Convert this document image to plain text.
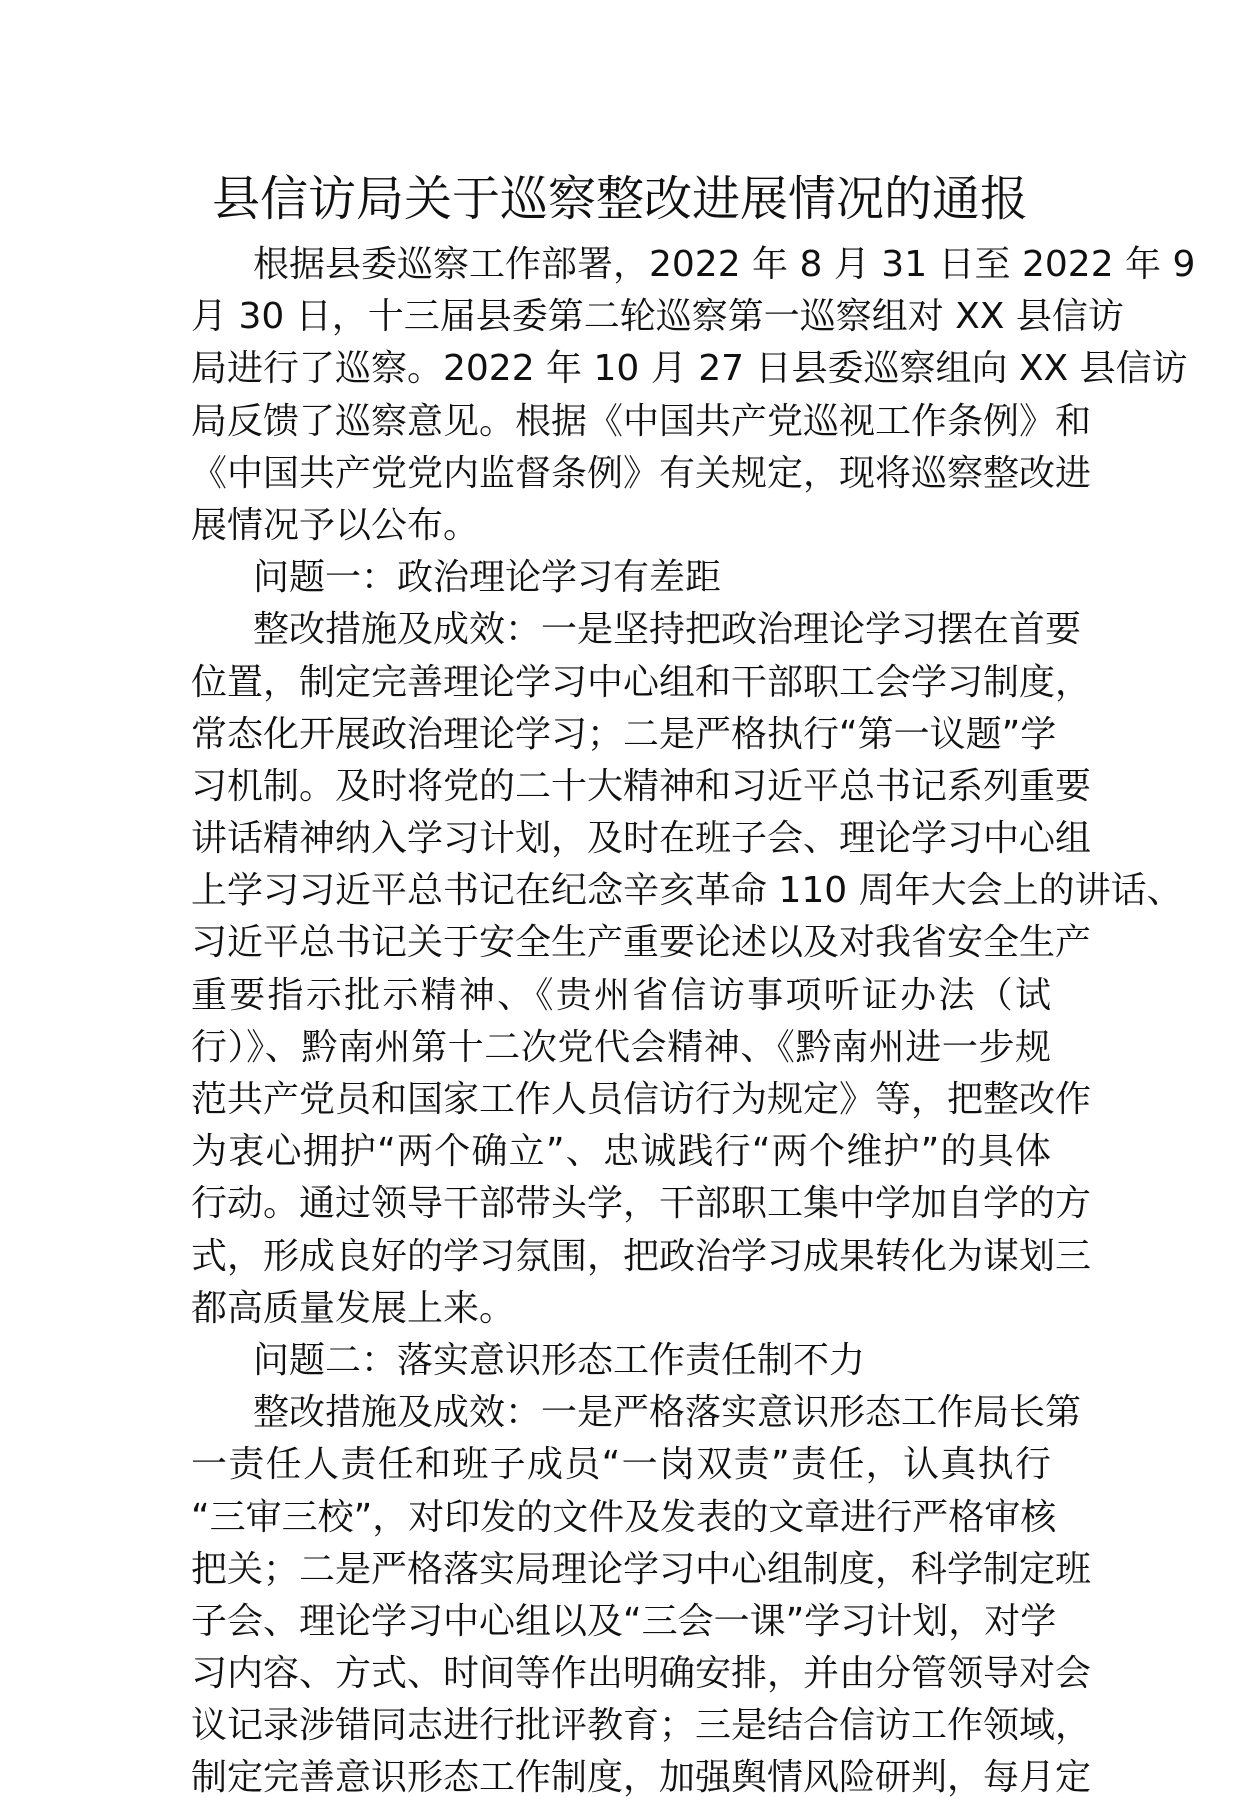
县信访局关于巡察整改进展情况的通报
根据县委巡察工作部署，2022 年 8 月 31 日至 2022 年 9
月 30 日，十三届县委第二轮巡察第一巡察组对 XX 县信访
局进行了巡察。2022 年 10 月 27 日县委巡察组向 XX 县信访
局反馈了巡察意见。根据《中国共产党巡视工作条例》和
《中国共产党党内监督条例》有关规定，现将巡察整改进
展情况予以公布。
问题一：政治理论学习有差距
整改措施及成效：一是坚持把政治理论学习摆在首要
位置，制定完善理论学习中心组和干部职工会学习制度，
常态化开展政治理论学习；二是严格执行“第一议题”学
习机制。及时将党的二十大精神和习近平总书记系列重要
讲话精神纳入学习计划，及时在班子会、理论学习中心组
上学习习近平总书记在纪念辛亥革命 110 周年大会上的讲话、
习近平总书记关于安全生产重要论述以及对我省安全生产
重要指示批示精神、《贵州省信访事项听证办法（试
行）》、黔南州第十二次党代会精神、《黔南州进一步规
范共产党员和国家工作人员信访行为规定》等，把整改作
为衷心拥护“两个确立”、忠诚践行“两个维护”的具体
行动。通过领导干部带头学，干部职工集中学加自学的方
式，形成良好的学习氛围，把政治学习成果转化为谋划三
都高质量发展上来。
问题二：落实意识形态工作责任制不力
整改措施及成效：一是严格落实意识形态工作局长第
一责任人责任和班子成员“一岗双责”责任，认真执行
“三审三校”，对印发的文件及发表的文章进行严格审核
把关；二是严格落实局理论学习中心组制度，科学制定班
子会、理论学习中心组以及“三会一课”学习计划，对学
习内容、方式、时间等作出明确安排，并由分管领导对会
议记录涉错同志进行批评教育；三是结合信访工作领域，
制定完善意识形态工作制度，加强舆情风险研判，每月定
